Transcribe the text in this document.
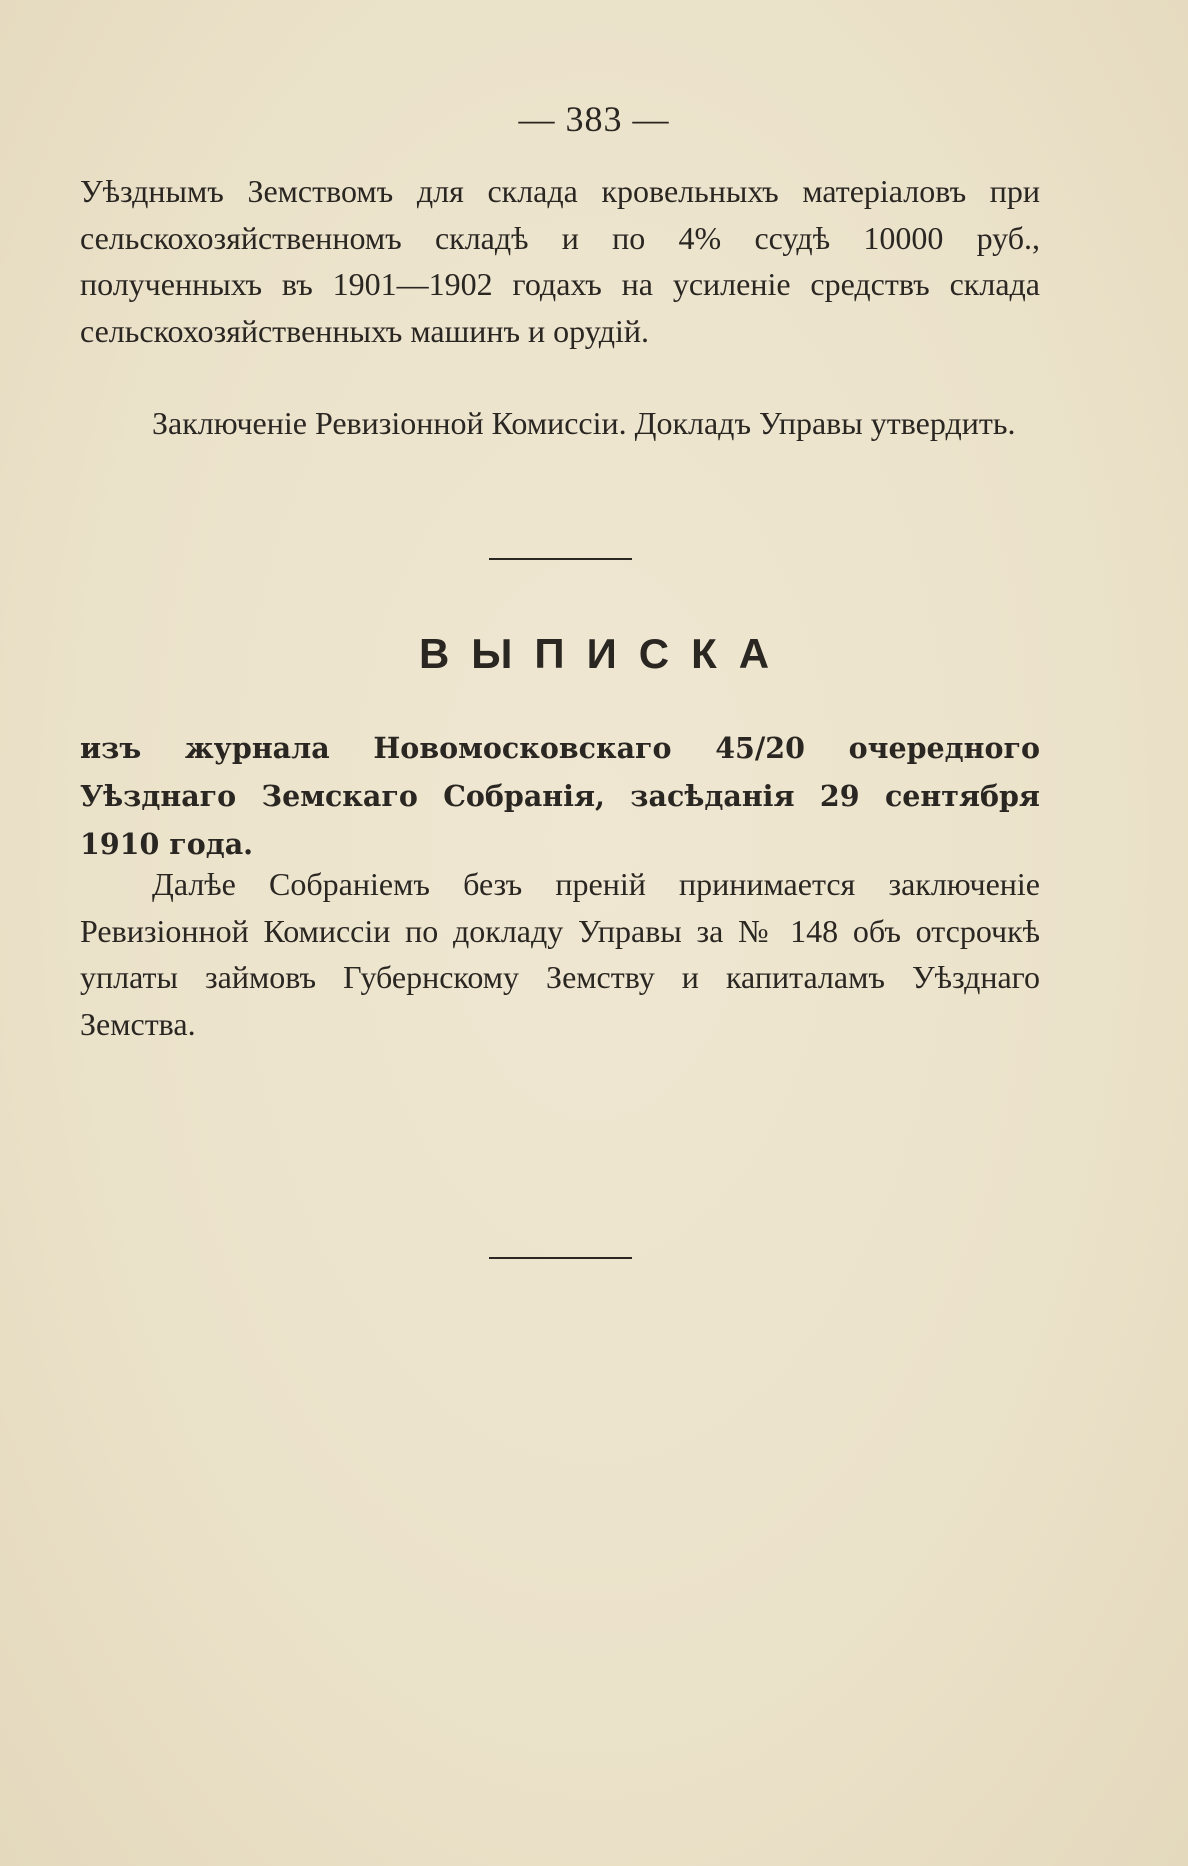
— 383 —

Уѣзднымъ Земствомъ для склада кровельныхъ матеріаловъ при сельскохозяйственномъ складѣ и по 4% ссудѣ 10000 руб., полученныхъ въ 1901—1902 годахъ на усиленіе средствъ склада сельскохозяйственныхъ машинъ и орудій.

Заключеніе Ревизіонной Комиссіи. Докладъ Управы утвердить.

ВЫПИСКА
изъ журнала Новомосковскаго 45/20 очередного Уѣзднаго Земскаго Собранія, засѣданія 29 сентября 1910 года.

Далѣе Собраніемъ безъ преній принимается заключеніе Ревизіонной Комиссіи по докладу Управы за № 148 объ отсрочкѣ уплаты займовъ Губернскому Земству и капиталамъ Уѣзднаго Земства.
